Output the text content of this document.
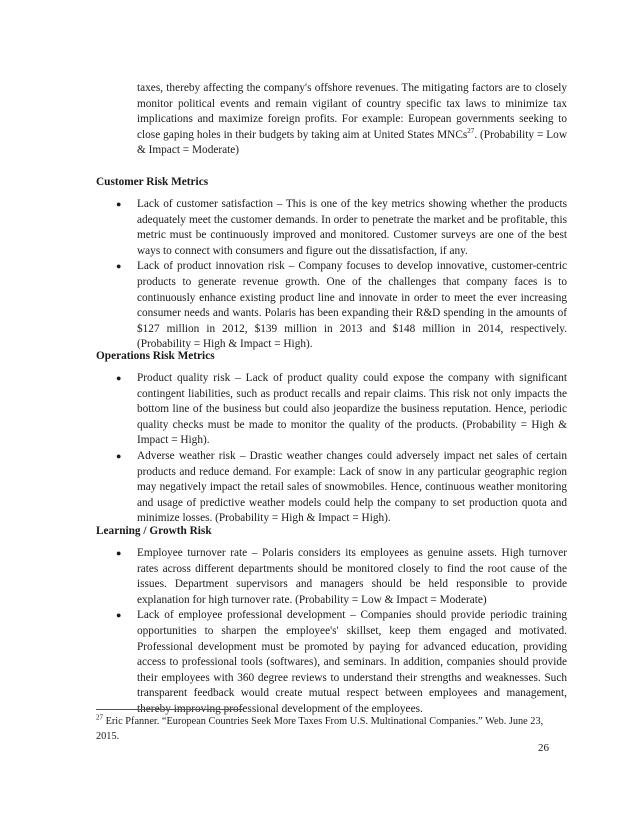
taxes, thereby affecting the company's offshore revenues. The mitigating factors are to closely monitor political events and remain vigilant of country specific tax laws to minimize tax implications and maximize foreign profits. For example: European governments seeking to close gaping holes in their budgets by taking aim at United States MNCs$^{27}$. (Probability = Low & Impact = Moderate)

Customer Risk Metrics

● Lack of customer satisfaction – This is one of the key metrics showing whether the products adequately meet the customer demands. In order to penetrate the market and be profitable, this metric must be continuously improved and monitored. Customer surveys are one of the best ways to connect with consumers and figure out the dissatisfaction, if any.
● Lack of product innovation risk – Company focuses to develop innovative, customer-centric products to generate revenue growth. One of the challenges that company faces is to continuously enhance existing product line and innovate in order to meet the ever increasing consumer needs and wants. Polaris has been expanding their R&D spending in the amounts of $127 million in 2012, $139 million in 2013 and $148 million in 2014, respectively. (Probability = High & Impact = High).

Operations Risk Metrics

● Product quality risk – Lack of product quality could expose the company with significant contingent liabilities, such as product recalls and repair claims. This risk not only impacts the bottom line of the business but could also jeopardize the business reputation. Hence, periodic quality checks must be made to monitor the quality of the products. (Probability = High & Impact = High).
● Adverse weather risk – Drastic weather changes could adversely impact net sales of certain products and reduce demand. For example: Lack of snow in any particular geographic region may negatively impact the retail sales of snowmobiles. Hence, continuous weather monitoring and usage of predictive weather models could help the company to set production quota and minimize losses. (Probability = High & Impact = High).

Learning / Growth Risk

● Employee turnover rate – Polaris considers its employees as genuine assets. High turnover rates across different departments should be monitored closely to find the root cause of the issues. Department supervisors and managers should be held responsible to provide explanation for high turnover rate. (Probability = Low & Impact = Moderate)
● Lack of employee professional development – Companies should provide periodic training opportunities to sharpen the employee's' skillset, keep them engaged and motivated. Professional development must be promoted by paying for advanced education, providing access to professional tools (softwares), and seminars. In addition, companies should provide their employees with 360 degree reviews to understand their strengths and weaknesses. Such transparent feedback would create mutual respect between employees and management, thereby improving professional development of the employees.

$^{27}$ Eric Pfanner. “European Countries Seek More Taxes From U.S. Multinational Companies.” Web. June 23, 2015.

26
